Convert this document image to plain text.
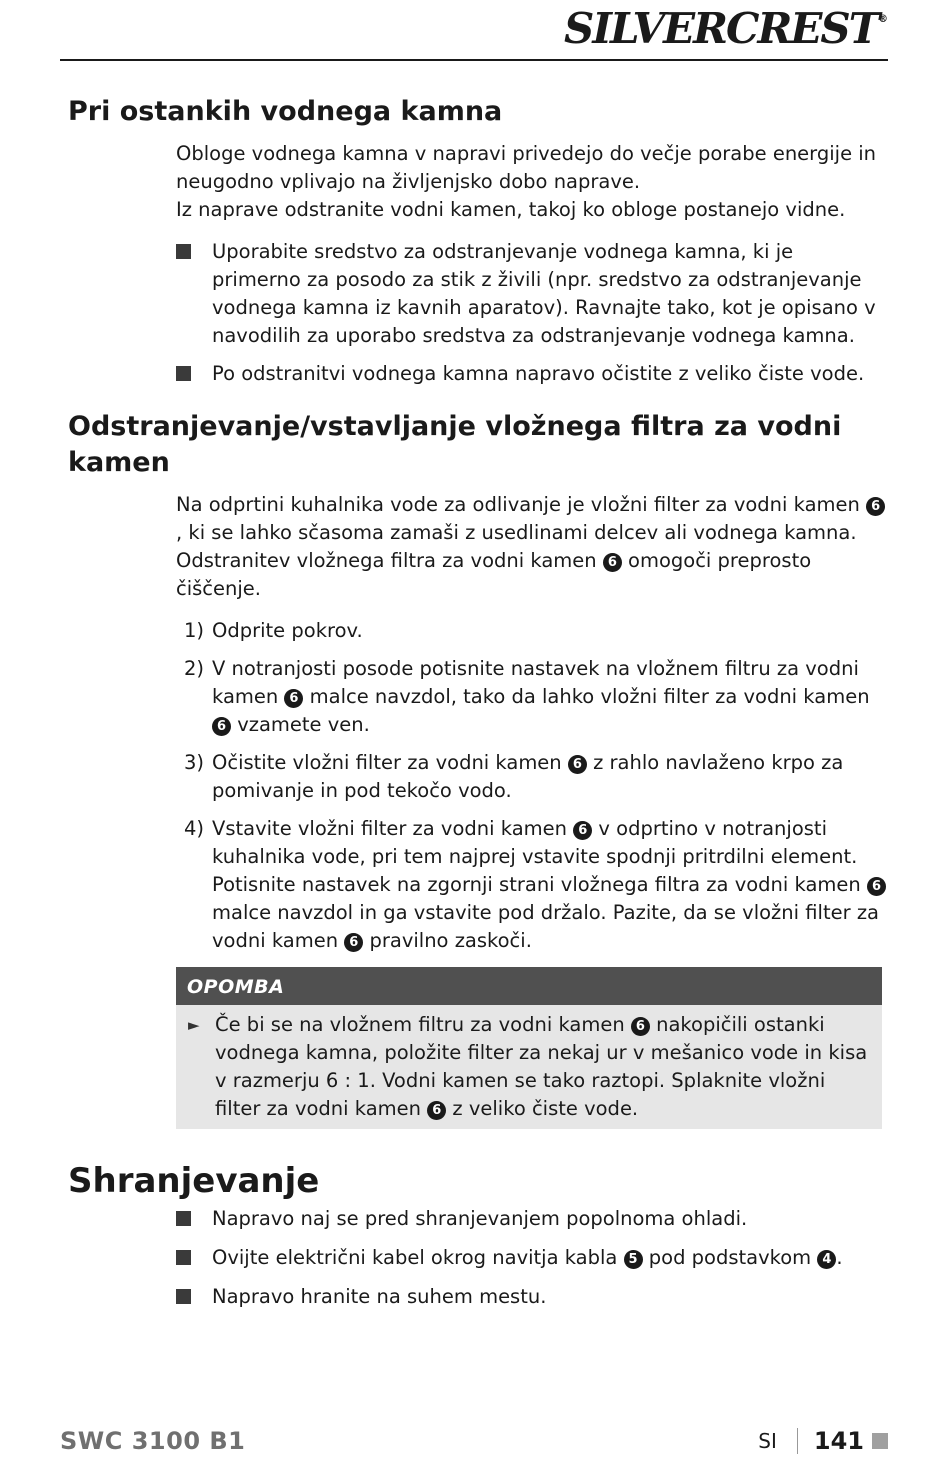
SILVERCREST®
Pri ostankih vodnega kamna

Obloge vodnega kamna v napravi privedejo do večje porabe energije in neugodno vplivajo na življenjsko dobo naprave.

Iz naprave odstranite vodni kamen, takoj ko obloge postanejo vidne.

Uporabite sredstvo za odstranjevanje vodnega kamna, ki je primerno za posodo za stik z živili (npr. sredstvo za odstranjevanje vodnega kamna iz kavnih aparatov). Ravnajte tako, kot je opisano v navodilih za uporabo sredstva za odstranjevanje vodnega kamna.
Po odstranitvi vodnega kamna napravo očistite z veliko čiste vode.
Odstranjevanje/vstavljanje vložnega filtra za vodni kamen

Na odprtini kuhalnika vode za odlivanje je vložni filter za vodni kamen 6, ki se lahko sčasoma zamaši z usedlinami delcev ali vodnega kamna. Odstranitev vložnega filtra za vodni kamen 6 omogoči preprosto čiščenje.

1) Odprite pokrov.
2) V notranjosti posode potisnite nastavek na vložnem filtru za vodni kamen 6 malce navzdol, tako da lahko vložni filter za vodni kamen 6 vzamete ven.
3) Očistite vložni filter za vodni kamen 6 z rahlo navlaženo krpo za pomivanje in pod tekočo vodo.
4) Vstavite vložni filter za vodni kamen 6 v odprtino v notranjosti kuhalnika vode, pri tem najprej vstavite spodnji pritrdilni element. Potisnite nastavek na zgornji strani vložnega filtra za vodni kamen 6 malce navzdol in ga vstavite pod držalo. Pazite, da se vložni filter za vodni kamen 6 pravilno zaskoči.
OPOMBA
► Če bi se na vložnem filtru za vodni kamen 6 nakopičili ostanki vodnega kamna, položite filter za nekaj ur v mešanico vode in kisa v razmerju 6 : 1. Vodni kamen se tako raztopi. Splaknite vložni filter za vodni kamen 6 z veliko čiste vode.
Shranjevanje
Napravo naj se pred shranjevanjem popolnoma ohladi.
Ovijte električni kabel okrog navitja kabla 5 pod podstavkom 4 .
Napravo hranite na suhem mestu.
SWC 3100 B1	SI 141
